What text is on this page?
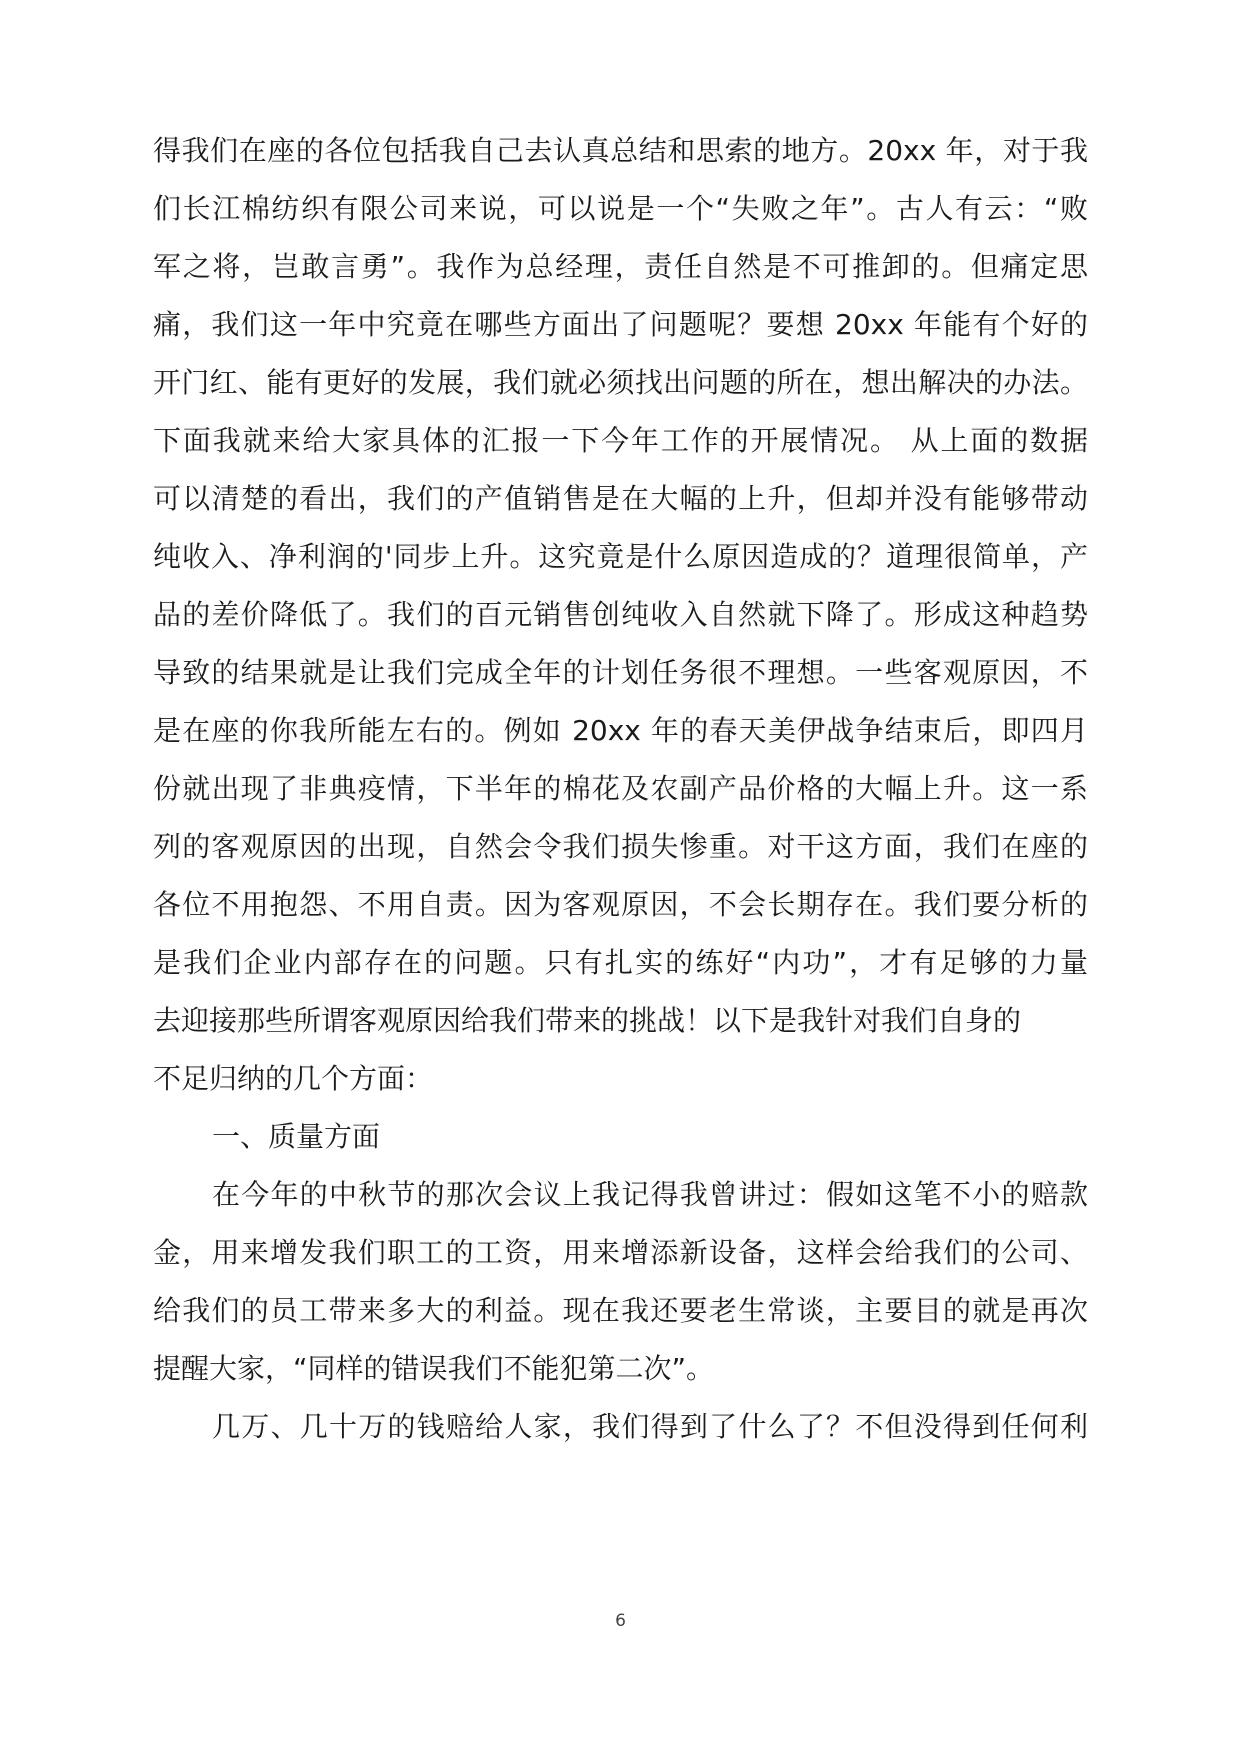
得我们在座的各位包括我自己去认真总结和思索的地方。20xx 年，对于我
们长江棉纺织有限公司来说，可以说是一个“失败之年”。古人有云：“败
军之将，岂敢言勇”。我作为总经理，责任自然是不可推卸的。但痛定思
痛，我们这一年中究竟在哪些方面出了问题呢？要想 20xx 年能有个好的
开门红、能有更好的发展，我们就必须找出问题的所在，想出解决的办法。
下面我就来给大家具体的汇报一下今年工作的开展情况。 从上面的数据
可以清楚的看出，我们的产值销售是在大幅的上升，但却并没有能够带动
纯收入、净利润的'同步上升。这究竟是什么原因造成的？道理很简单，产
品的差价降低了。我们的百元销售创纯收入自然就下降了。形成这种趋势
导致的结果就是让我们完成全年的计划任务很不理想。一些客观原因，不
是在座的你我所能左右的。例如 20xx 年的春天美伊战争结束后，即四月
份就出现了非典疫情，下半年的棉花及农副产品价格的大幅上升。这一系
列的客观原因的出现，自然会令我们损失惨重。对干这方面，我们在座的
各位不用抱怨、不用自责。因为客观原因，不会长期存在。我们要分析的
是我们企业内部存在的问题。只有扎实的练好“内功”，才有足够的力量
去迎接那些所谓客观原因给我们带来的挑战！以下是我针对我们自身的
不足归纳的几个方面：
一、质量方面
在今年的中秋节的那次会议上我记得我曾讲过：假如这笔不小的赔款
金，用来增发我们职工的工资，用来增添新设备，这样会给我们的公司、
给我们的员工带来多大的利益。现在我还要老生常谈，主要目的就是再次
提醒大家，“同样的错误我们不能犯第二次”。
几万、几十万的钱赔给人家，我们得到了什么了？不但没得到任何利
6
